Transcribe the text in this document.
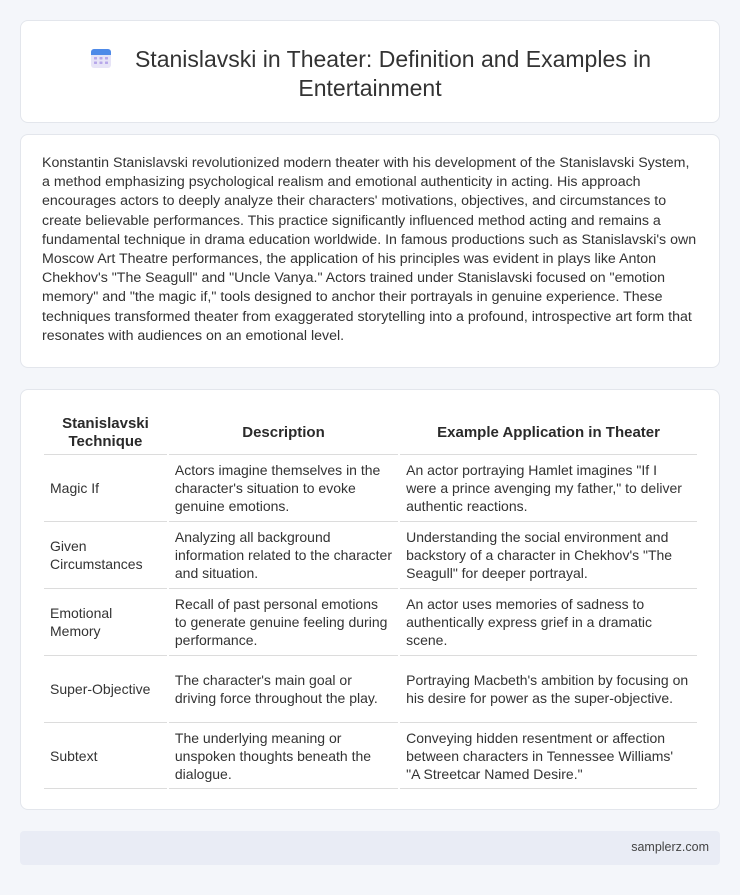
Stanislavski in Theater: Definition and Examples in Entertainment

Konstantin Stanislavski revolutionized modern theater with his development of the Stanislavski System, a method emphasizing psychological realism and emotional authenticity in acting. His approach encourages actors to deeply analyze their characters' motivations, objectives, and circumstances to create believable performances. This practice significantly influenced method acting and remains a fundamental technique in drama education worldwide. In famous productions such as Stanislavski's own Moscow Art Theatre performances, the application of his principles was evident in plays like Anton Chekhov's "The Seagull" and "Uncle Vanya." Actors trained under Stanislavski focused on "emotion memory" and "the magic if," tools designed to anchor their portrayals in genuine experience. These techniques transformed theater from exaggerated storytelling into a profound, introspective art form that resonates with audiences on an emotional level.

Stanislavski Technique	Description	Example Application in Theater
Magic If	Actors imagine themselves in the character's situation to evoke genuine emotions.	An actor portraying Hamlet imagines "If I were a prince avenging my father," to deliver authentic reactions.
Given Circumstances	Analyzing all background information related to the character and situation.	Understanding the social environment and backstory of a character in Chekhov's "The Seagull" for deeper portrayal.
Emotional Memory	Recall of past personal emotions to generate genuine feeling during performance.	An actor uses memories of sadness to authentically express grief in a dramatic scene.
Super-Objective	The character's main goal or driving force throughout the play.	Portraying Macbeth's ambition by focusing on his desire for power as the super-objective.
Subtext	The underlying meaning or unspoken thoughts beneath the dialogue.	Conveying hidden resentment or affection between characters in Tennessee Williams' "A Streetcar Named Desire."
samplerz.com
